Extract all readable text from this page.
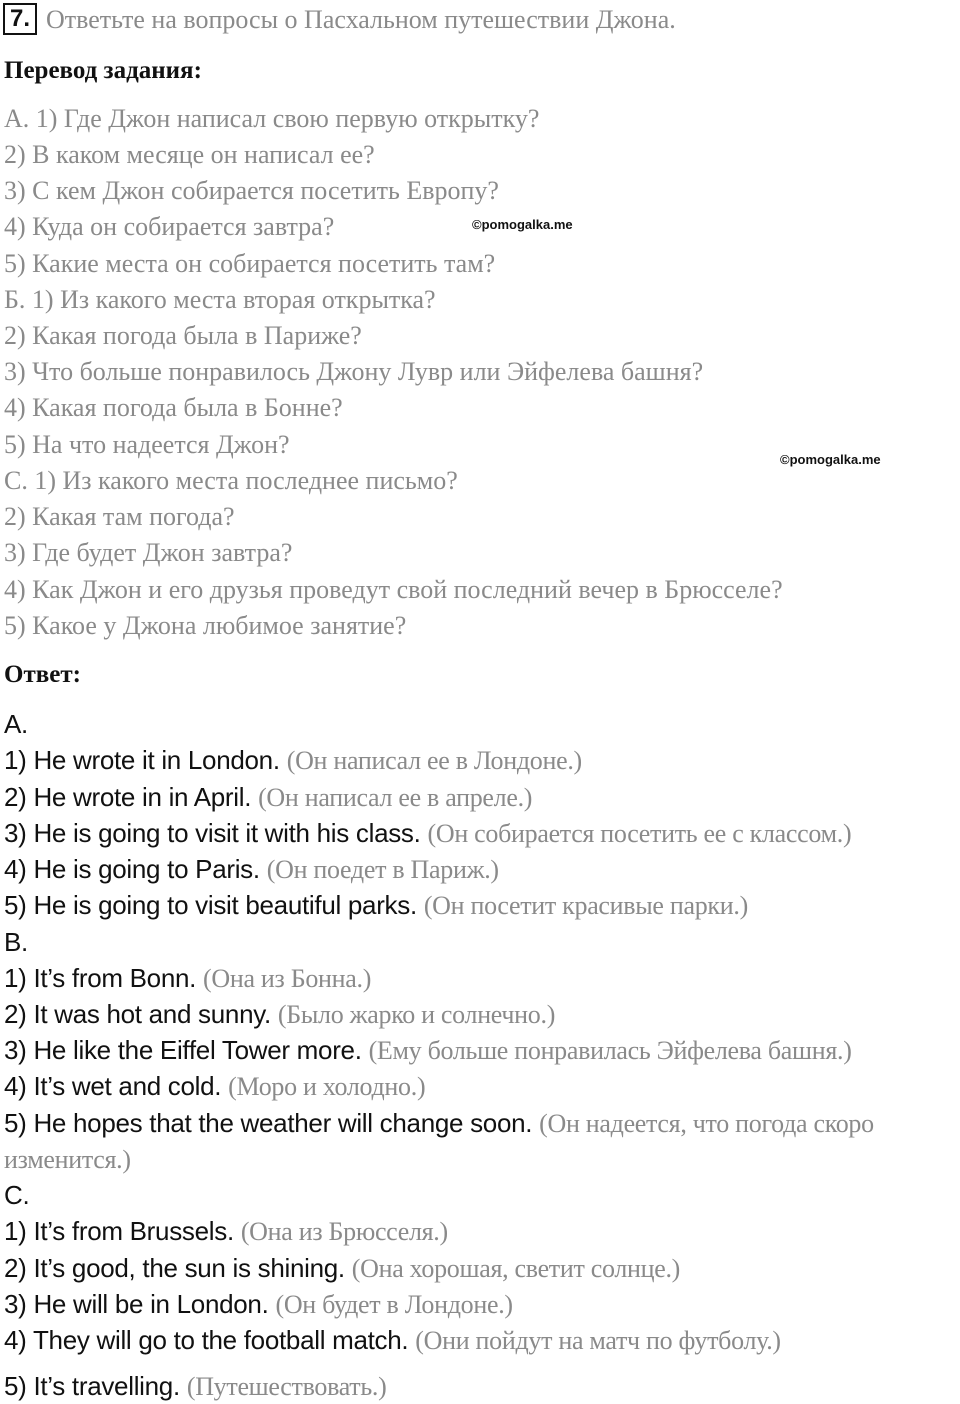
7. Ответьте на вопросы о Пасхальном путешествии Джона.
Перевод задания:
А. 1) Где Джон написал свою первую открытку?
2) В каком месяце он написал ее?
3) С кем Джон собирается посетить Европу?
4) Куда он собирается завтра?
5) Какие места он собирается посетить там?
Б. 1) Из какого места вторая открытка?
2) Какая погода была в Париже?
3) Что больше понравилось Джону Лувр или Эйфелева башня?
4) Какая погода была в Бонне?
5) На что надеется Джон?
С. 1) Из какого места последнее письмо?
2) Какая там погода?
3) Где будет Джон завтра?
4) Как Джон и его друзья проведут свой последний вечер в Брюсселе?
5) Какое у Джона любимое занятие?
©pomogalka.me
©pomogalka.me
Ответ:
A.
1) He wrote it in London. (Он написал ее в Лондоне.)
2) He wrote in in April. (Он написал ее в апреле.)
3) He is going to visit it with his class. (Он собирается посетить ее с классом.)
4) He is going to Paris. (Он поедет в Париж.)
5) He is going to visit beautiful parks. (Он посетит красивые парки.)
B.
1) It’s from Bonn. (Она из Бонна.)
2) It was hot and sunny. (Было жарко и солнечно.)
3) He like the Eiffel Tower more. (Ему больше понравилась Эйфелева башня.)
4) It’s wet and cold. (Моро и холодно.)
5) He hopes that the weather will change soon. (Он надеется, что погода скоро
изменится.)
C.
1) It’s from Brussels. (Она из Брюсселя.)
2) It’s good, the sun is shining. (Она хорошая, светит солнце.)
3) He will be in London. (Он будет в Лондоне.)
4) They will go to the football match. (Они пойдут на матч по футболу.)
5) It’s travelling. (Путешествовать.)
